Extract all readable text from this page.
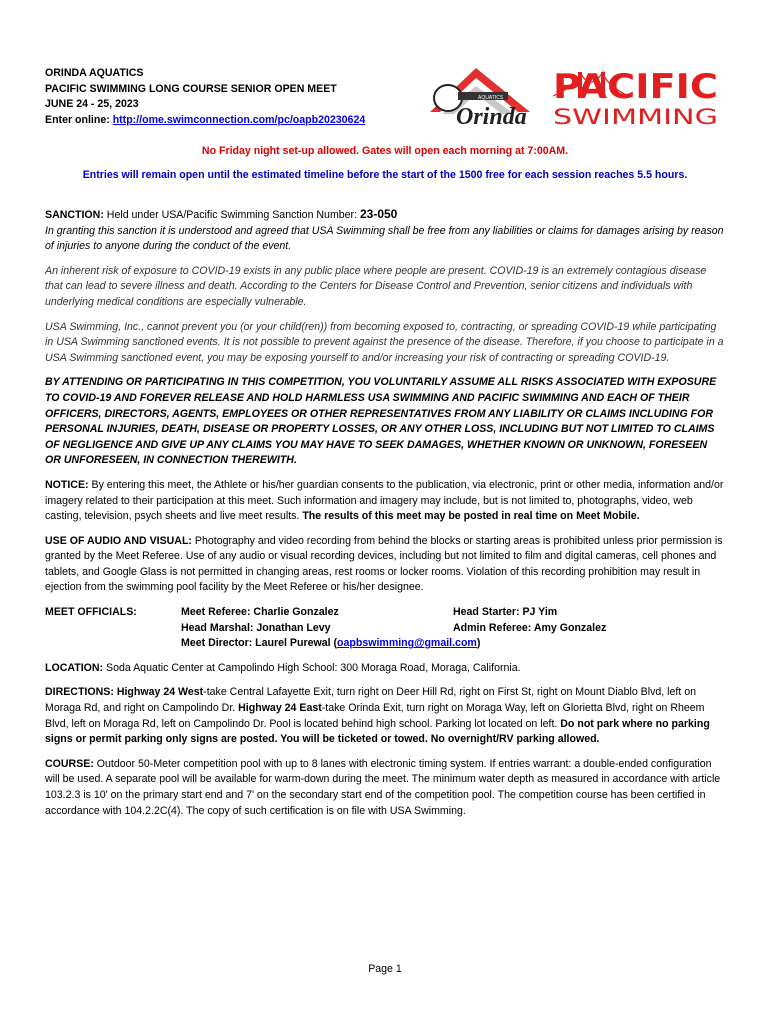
ORINDA AQUATICS
PACIFIC SWIMMING LONG COURSE SENIOR OPEN MEET
JUNE 24 - 25, 2023
Enter online: http://ome.swimconnection.com/pc/oapb20230624
AQUATICS
Orinda
PACIFIC
SWIMMING
No Friday night set-up allowed. Gates will open each morning at 7:00AM.
Entries will remain open until the estimated timeline before the start of the 1500 free for each session reaches 5.5 hours.
SANCTION: Held under USA/Pacific Swimming Sanction Number: 23-050
In granting this sanction it is understood and agreed that USA Swimming shall be free from any liabilities or claims for damages arising by reason of injuries to anyone during the conduct of the event.
An inherent risk of exposure to COVID-19 exists in any public place where people are present. COVID-19 is an extremely contagious disease that can lead to severe illness and death. According to the Centers for Disease Control and Prevention, senior citizens and individuals with underlying medical conditions are especially vulnerable.
USA Swimming, Inc., cannot prevent you (or your child(ren)) from becoming exposed to, contracting, or spreading COVID-19 while participating in USA Swimming sanctioned events. It is not possible to prevent against the presence of the disease. Therefore, if you choose to participate in a USA Swimming sanctioned event, you may be exposing yourself to and/or increasing your risk of contracting or spreading COVID-19.
BY ATTENDING OR PARTICIPATING IN THIS COMPETITION, YOU VOLUNTARILY ASSUME ALL RISKS ASSOCIATED WITH EXPOSURE TO COVID-19 AND FOREVER RELEASE AND HOLD HARMLESS USA SWIMMING AND PACIFIC SWIMMING AND EACH OF THEIR OFFICERS, DIRECTORS, AGENTS, EMPLOYEES OR OTHER REPRESENTATIVES FROM ANY LIABILITY OR CLAIMS INCLUDING FOR PERSONAL INJURIES, DEATH, DISEASE OR PROPERTY LOSSES, OR ANY OTHER LOSS, INCLUDING BUT NOT LIMITED TO CLAIMS OF NEGLIGENCE AND GIVE UP ANY CLAIMS YOU MAY HAVE TO SEEK DAMAGES, WHETHER KNOWN OR UNKNOWN, FORESEEN OR UNFORESEEN, IN CONNECTION THEREWITH.
NOTICE: By entering this meet, the Athlete or his/her guardian consents to the publication, via electronic, print or other media, information and/or imagery related to their participation at this meet. Such information and imagery may include, but is not limited to, photographs, video, web casting, television, psych sheets and live meet results. The results of this meet may be posted in real time on Meet Mobile.
USE OF AUDIO AND VISUAL: Photography and video recording from behind the blocks or starting areas is prohibited unless prior permission is granted by the Meet Referee. Use of any audio or visual recording devices, including but not limited to film and digital cameras, cell phones and tablets, and Google Glass is not permitted in changing areas, rest rooms or locker rooms. Violation of this recording prohibition may result in ejection from the swimming pool facility by the Meet Referee or his/her designee.
MEET OFFICIALS:	Meet Referee: Charlie Gonzalez	Head Starter: PJ Yim
Head Marshal: Jonathan Levy	Admin Referee: Amy Gonzalez
Meet Director: Laurel Purewal (oapbswimming@gmail.com)
LOCATION: Soda Aquatic Center at Campolindo High School: 300 Moraga Road, Moraga, California.
DIRECTIONS: Highway 24 West-take Central Lafayette Exit, turn right on Deer Hill Rd, right on First St, right on Mount Diablo Blvd, left on Moraga Rd, and right on Campolindo Dr. Highway 24 East-take Orinda Exit, turn right on Moraga Way, left on Glorietta Blvd, right on Rheem Blvd, left on Moraga Rd, left on Campolindo Dr. Pool is located behind high school. Parking lot located on left. Do not park where no parking signs or permit parking only signs are posted. You will be ticketed or towed. No overnight/RV parking allowed.
COURSE: Outdoor 50-Meter competition pool with up to 8 lanes with electronic timing system. If entries warrant: a double-ended configuration will be used. A separate pool will be available for warm-down during the meet. The minimum water depth as measured in accordance with article 103.2.3 is 10' on the primary start end and 7' on the secondary start end of the competition pool. The competition course has been certified in accordance with 104.2.2C(4). The copy of such certification is on file with USA Swimming.
Page 1
